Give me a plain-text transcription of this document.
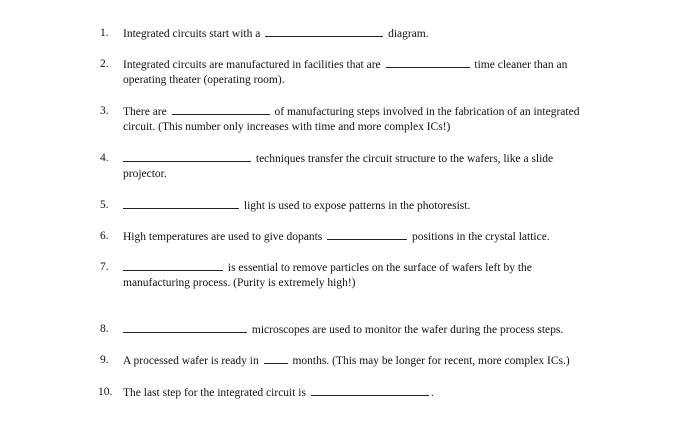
1.	Integrated circuits start with a	diagram.
2.	Integrated circuits are manufactured in facilities that are	time cleaner than an
operating theater (operating room).
3.	There are	of manufacturing steps involved in the fabrication of an integrated
circuit. (This number only increases with time and more complex ICs!)
4.	techniques transfer the circuit structure to the wafers, like a slide
projector.
5.	light is used to expose patterns in the photoresist.
6.	High temperatures are used to give dopants	positions in the crystal lattice.
7.	is essential to remove particles on the surface of wafers left by the
manufacturing process. (Purity is extremely high!)
8.	microscopes are used to monitor the wafer during the process steps.
9.	A processed wafer is ready in	months. (This may be longer for recent, more complex ICs.)
10. The last step for the integrated circuit is	.
